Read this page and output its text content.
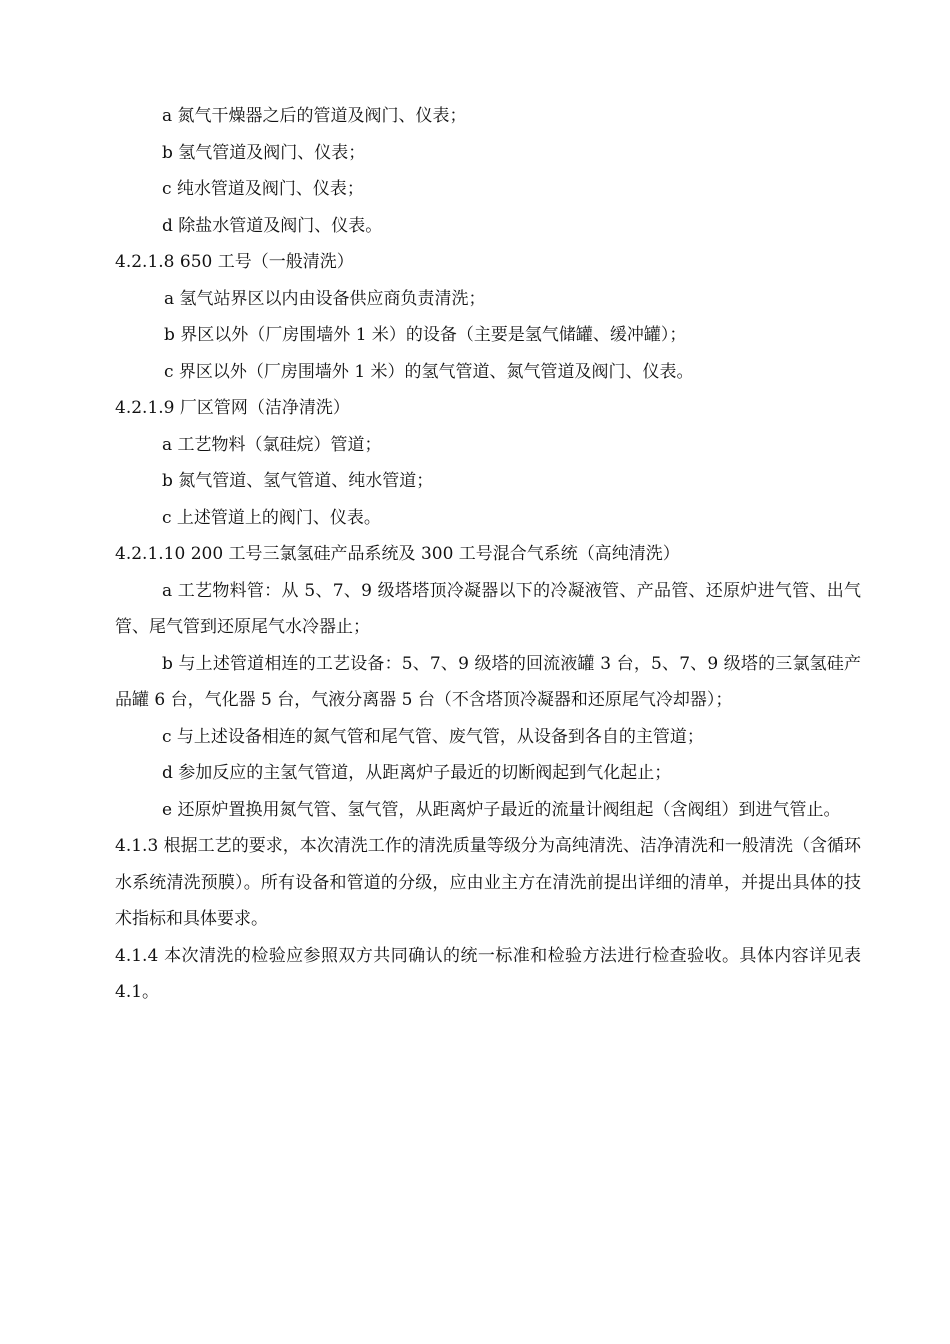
a 氮气干燥器之后的管道及阀门、仪表；
b 氢气管道及阀门、仪表；
c 纯水管道及阀门、仪表；
d 除盐水管道及阀门、仪表。
4.2.1.8 650 工号（一般清洗）
a 氢气站界区以内由设备供应商负责清洗；
b 界区以外（厂房围墙外 1 米）的设备（主要是氢气储罐、缓冲罐）；
c 界区以外（厂房围墙外 1 米）的氢气管道、氮气管道及阀门、仪表。
4.2.1.9 厂区管网（洁净清洗）
a 工艺物料（氯硅烷）管道；
b 氮气管道、氢气管道、纯水管道；
c 上述管道上的阀门、仪表。
4.2.1.10 200 工号三氯氢硅产品系统及 300 工号混合气系统（高纯清洗）
a 工艺物料管：从 5、7、9 级塔塔顶冷凝器以下的冷凝液管、产品管、还原炉进气管、出气管、尾气管到还原尾气水冷器止；
b 与上述管道相连的工艺设备：5、7、9 级塔的回流液罐 3 台，5、7、9 级塔的三氯氢硅产品罐 6 台，气化器 5 台，气液分离器 5 台（不含塔顶冷凝器和还原尾气冷却器）；
c 与上述设备相连的氮气管和尾气管、废气管，从设备到各自的主管道；
d 参加反应的主氢气管道，从距离炉子最近的切断阀起到气化起止；
e 还原炉置换用氮气管、氢气管，从距离炉子最近的流量计阀组起（含阀组）到进气管止。
4.1.3 根据工艺的要求，本次清洗工作的清洗质量等级分为高纯清洗、洁净清洗和一般清洗（含循环水系统清洗预膜）。所有设备和管道的分级，应由业主方在清洗前提出详细的清单，并提出具体的技术指标和具体要求。
4.1.4 本次清洗的检验应参照双方共同确认的统一标准和检验方法进行检查验收。具体内容详见表 4.1。
